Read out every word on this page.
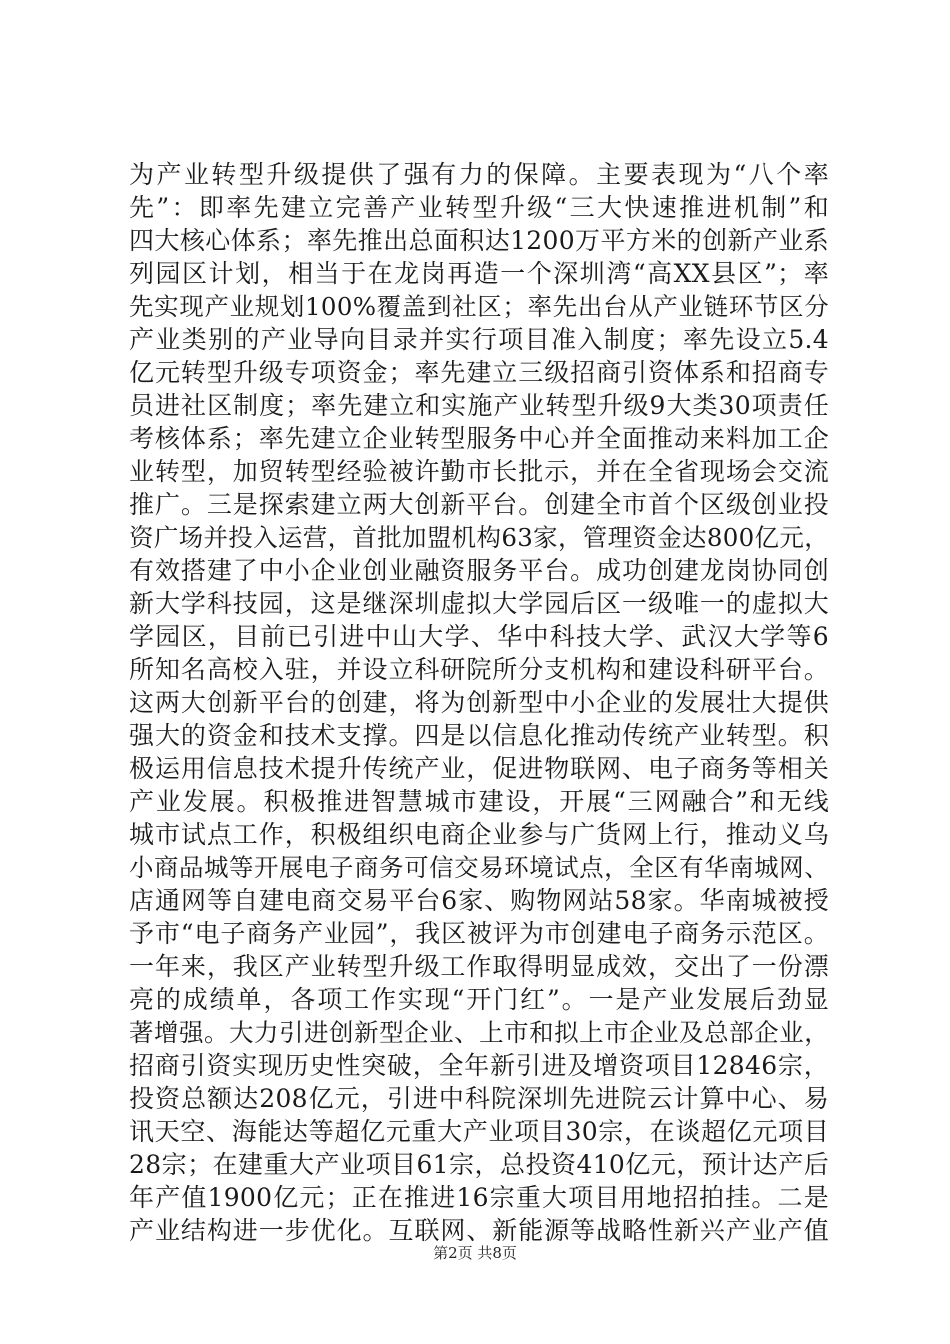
为产业转型升级提供了强有力的保障。主要表现为“八个率
先”：即率先建立完善产业转型升级“三大快速推进机制”和
四大核心体系；率先推出总面积达1200万平方米的创新产业系
列园区计划，相当于在龙岗再造一个深圳湾“高XX县区”；率
先实现产业规划100%覆盖到社区；率先出台从产业链环节区分
产业类别的产业导向目录并实行项目准入制度；率先设立5.4
亿元转型升级专项资金；率先建立三级招商引资体系和招商专
员进社区制度；率先建立和实施产业转型升级9大类30项责任
考核体系；率先建立企业转型服务中心并全面推动来料加工企
业转型，加贸转型经验被许勤市长批示，并在全省现场会交流
推广。三是探索建立两大创新平台。创建全市首个区级创业投
资广场并投入运营，首批加盟机构63家，管理资金达800亿元，
有效搭建了中小企业创业融资服务平台。成功创建龙岗协同创
新大学科技园，这是继深圳虚拟大学园后区一级唯一的虚拟大
学园区，目前已引进中山大学、华中科技大学、武汉大学等6
所知名高校入驻，并设立科研院所分支机构和建设科研平台。
这两大创新平台的创建，将为创新型中小企业的发展壮大提供
强大的资金和技术支撑。四是以信息化推动传统产业转型。积
极运用信息技术提升传统产业，促进物联网、电子商务等相关
产业发展。积极推进智慧城市建设，开展“三网融合”和无线
城市试点工作，积极组织电商企业参与广货网上行，推动义乌
小商品城等开展电子商务可信交易环境试点，全区有华南城网、
店通网等自建电商交易平台6家、购物网站58家。华南城被授
予市“电子商务产业园”，我区被评为市创建电子商务示范区。
一年来，我区产业转型升级工作取得明显成效，交出了一份漂
亮的成绩单，各项工作实现“开门红”。一是产业发展后劲显
著增强。大力引进创新型企业、上市和拟上市企业及总部企业，
招商引资实现历史性突破，全年新引进及增资项目12846宗，
投资总额达208亿元，引进中科院深圳先进院云计算中心、易
讯天空、海能达等超亿元重大产业项目30宗，在谈超亿元项目
28宗；在建重大产业项目61宗，总投资410亿元，预计达产后
年产值1900亿元；正在推进16宗重大项目用地招拍挂。二是
产业结构进一步优化。互联网、新能源等战略性新兴产业产值
第2页 共8页
